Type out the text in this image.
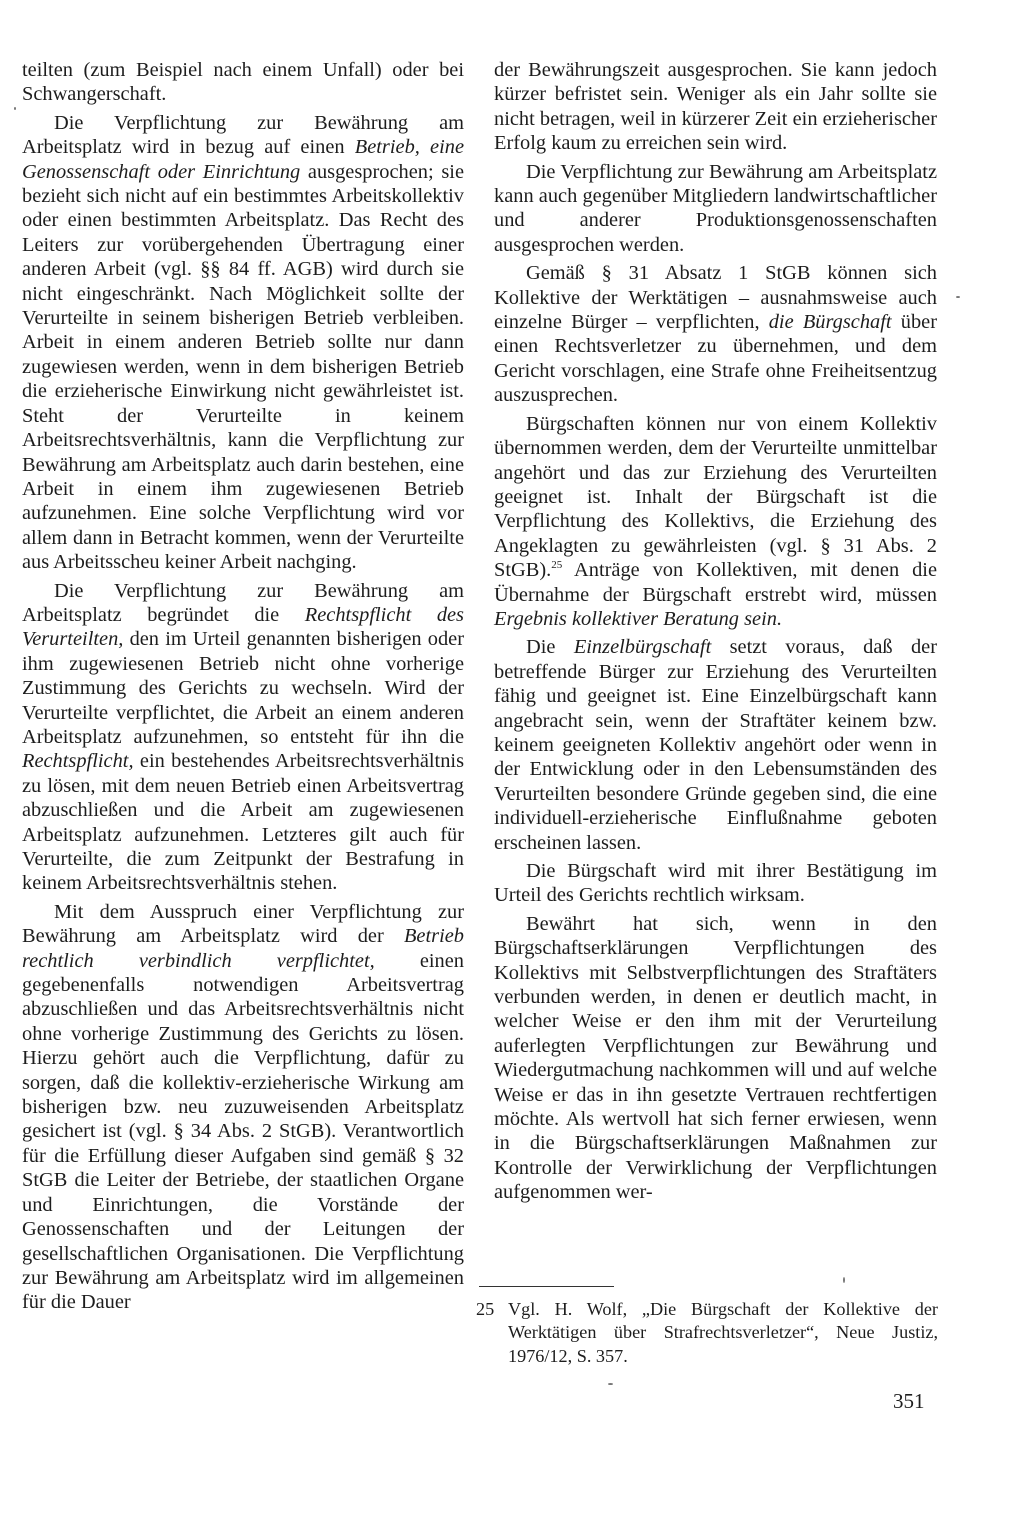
teilten (zum Beispiel nach einem Unfall) oder bei Schwangerschaft.

Die Verpflichtung zur Bewährung am Arbeitsplatz wird in bezug auf einen Betrieb, eine Genossenschaft oder Einrichtung ausgesprochen; sie bezieht sich nicht auf ein bestimmtes Arbeitskollektiv oder einen bestimmten Arbeitsplatz. Das Recht des Leiters zur vorübergehenden Übertragung einer anderen Arbeit (vgl. §§ 84 ff. AGB) wird durch sie nicht eingeschränkt. Nach Möglichkeit sollte der Verurteilte in seinem bisherigen Betrieb verbleiben. Arbeit in einem anderen Betrieb sollte nur dann zugewiesen werden, wenn in dem bisherigen Betrieb die erzieherische Einwirkung nicht gewährleistet ist. Steht der Verurteilte in keinem Arbeitsrechtsverhältnis, kann die Verpflichtung zur Bewährung am Arbeitsplatz auch darin bestehen, eine Arbeit in einem ihm zugewiesenen Betrieb aufzunehmen. Eine solche Verpflichtung wird vor allem dann in Betracht kommen, wenn der Verurteilte aus Arbeitsscheu keiner Arbeit nachging.

Die Verpflichtung zur Bewährung am Arbeitsplatz begründet die Rechtspflicht des Verurteilten, den im Urteil genannten bisherigen oder ihm zugewiesenen Betrieb nicht ohne vorherige Zustimmung des Gerichts zu wechseln. Wird der Verurteilte verpflichtet, die Arbeit an einem anderen Arbeitsplatz aufzunehmen, so entsteht für ihn die Rechtspflicht, ein bestehendes Arbeitsrechtsverhältnis zu lösen, mit dem neuen Betrieb einen Arbeitsvertrag abzuschließen und die Arbeit am zugewiesenen Arbeitsplatz aufzunehmen. Letzteres gilt auch für Verurteilte, die zum Zeitpunkt der Bestrafung in keinem Arbeitsrechtsverhältnis stehen.

Mit dem Ausspruch einer Verpflichtung zur Bewährung am Arbeitsplatz wird der Betrieb rechtlich verbindlich verpflichtet, einen gegebenenfalls notwendigen Arbeitsvertrag abzuschließen und das Arbeitsrechtsverhältnis nicht ohne vorherige Zustimmung des Gerichts zu lösen. Hierzu gehört auch die Verpflichtung, dafür zu sorgen, daß die kollektiv-erzieherische Wirkung am bisherigen bzw. neu zuzuweisenden Arbeitsplatz gesichert ist (vgl. § 34 Abs. 2 StGB). Verantwortlich für die Erfüllung dieser Aufgaben sind gemäß § 32 StGB die Leiter der Betriebe, der staatlichen Organe und Einrichtungen, die Vorstände der Genossenschaften und der Leitungen der gesellschaftlichen Organisationen. Die Verpflichtung zur Bewährung am Arbeitsplatz wird im allgemeinen für die Dauer

der Bewährungszeit ausgesprochen. Sie kann jedoch kürzer befristet sein. Weniger als ein Jahr sollte sie nicht betragen, weil in kürzerer Zeit ein erzieherischer Erfolg kaum zu erreichen sein wird.

Die Verpflichtung zur Bewährung am Arbeitsplatz kann auch gegenüber Mitgliedern landwirtschaftlicher und anderer Produktionsgenossenschaften ausgesprochen werden.

Gemäß § 31 Absatz 1 StGB können sich Kollektive der Werktätigen – ausnahmsweise auch einzelne Bürger – verpflichten, die Bürgschaft über einen Rechtsverletzer zu übernehmen, und dem Gericht vorschlagen, eine Strafe ohne Freiheitsentzug auszusprechen.

Bürgschaften können nur von einem Kollektiv übernommen werden, dem der Verurteilte unmittelbar angehört und das zur Erziehung des Verurteilten geeignet ist. Inhalt der Bürgschaft ist die Verpflichtung des Kollektivs, die Erziehung des Angeklagten zu gewährleisten (vgl. § 31 Abs. 2 StGB).$^{25}$ Anträge von Kollektiven, mit denen die Übernahme der Bürgschaft erstrebt wird, müssen Ergebnis kollektiver Beratung sein.

Die Einzelbürgschaft setzt voraus, daß der betreffende Bürger zur Erziehung des Verurteilten fähig und geeignet ist. Eine Einzelbürgschaft kann angebracht sein, wenn der Straftäter keinem bzw. keinem geeigneten Kollektiv angehört oder wenn in der Entwicklung oder in den Lebensumständen des Verurteilten besondere Gründe gegeben sind, die eine individuell-erzieherische Einflußnahme geboten erscheinen lassen.

Die Bürgschaft wird mit ihrer Bestätigung im Urteil des Gerichts rechtlich wirksam.

Bewährt hat sich, wenn in den Bürgschaftserklärungen Verpflichtungen des Kollektivs mit Selbstverpflichtungen des Straftäters verbunden werden, in denen er deutlich macht, in welcher Weise er den ihm mit der Verurteilung auferlegten Verpflichtungen zur Bewährung und Wiedergutmachung nachkommen will und auf welche Weise er das in ihn gesetzte Vertrauen rechtfertigen möchte. Als wertvoll hat sich ferner erwiesen, wenn in die Bürgschaftserklärungen Maßnahmen zur Kontrolle der Verwirklichung der Verpflichtungen aufgenommen wer-

25 Vgl. H. Wolf, „Die Bürgschaft der Kollektive der Werktätigen über Strafrechtsverletzer“, Neue Justiz, 1976/12, S. 357.
351
